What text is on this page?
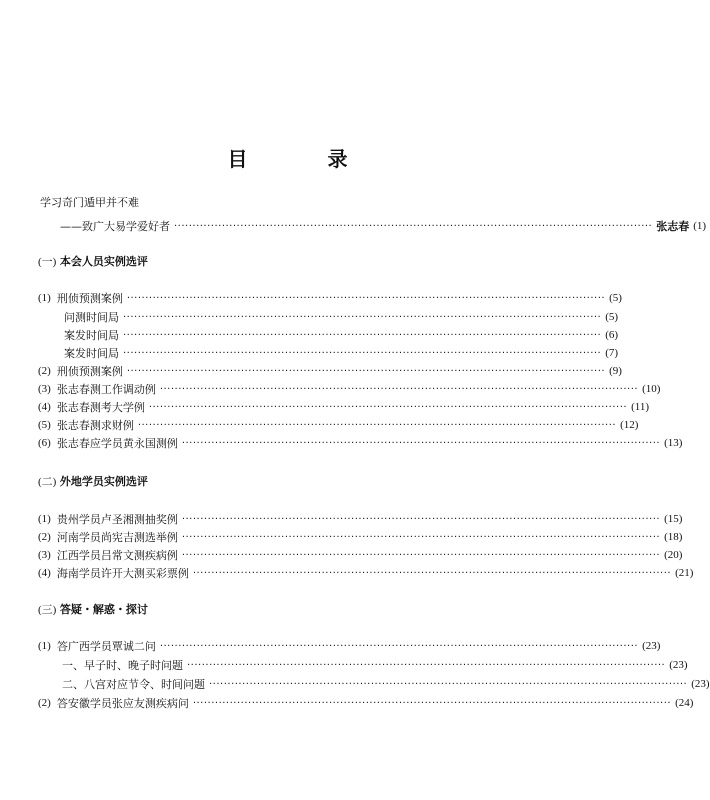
目　录
学习奇门遁甲并不难
——致广大易学爱好者 ·································································································································· 张志春 (1)
(一) 本会人员实例选评
(1) 刑侦预测案例 ·································································································································· (5)
问测时间局 ·································································································································· (5)
案发时间局 ·································································································································· (6)
案发时间局 ·································································································································· (7)
(2) 刑侦预测案例 ·································································································································· (9)
(3) 张志春测工作调动例 ·································································································································· (10)
(4) 张志春测考大学例 ·································································································································· (11)
(5) 张志春测求财例 ·································································································································· (12)
(6) 张志春应学员黄永国测例 ·································································································································· (13)
(二) 外地学员实例选评
(1) 贵州学员卢圣湘测抽奖例 ·································································································································· (15)
(2) 河南学员尚宪吉测选举例 ·································································································································· (18)
(3) 江西学员吕常文测疾病例 ·································································································································· (20)
(4) 海南学员许开大测买彩票例 ·································································································································· (21)
(三) 答疑・解惑・探讨
(1) 答广西学员覃诚二问 ·································································································································· (23)
一、早子时、晚子时问题 ·································································································································· (23)
二、八宫对应节令、时间问题 ·································································································································· (23)
(2) 答安徽学员张应友测疾病问 ·································································································································· (24)
